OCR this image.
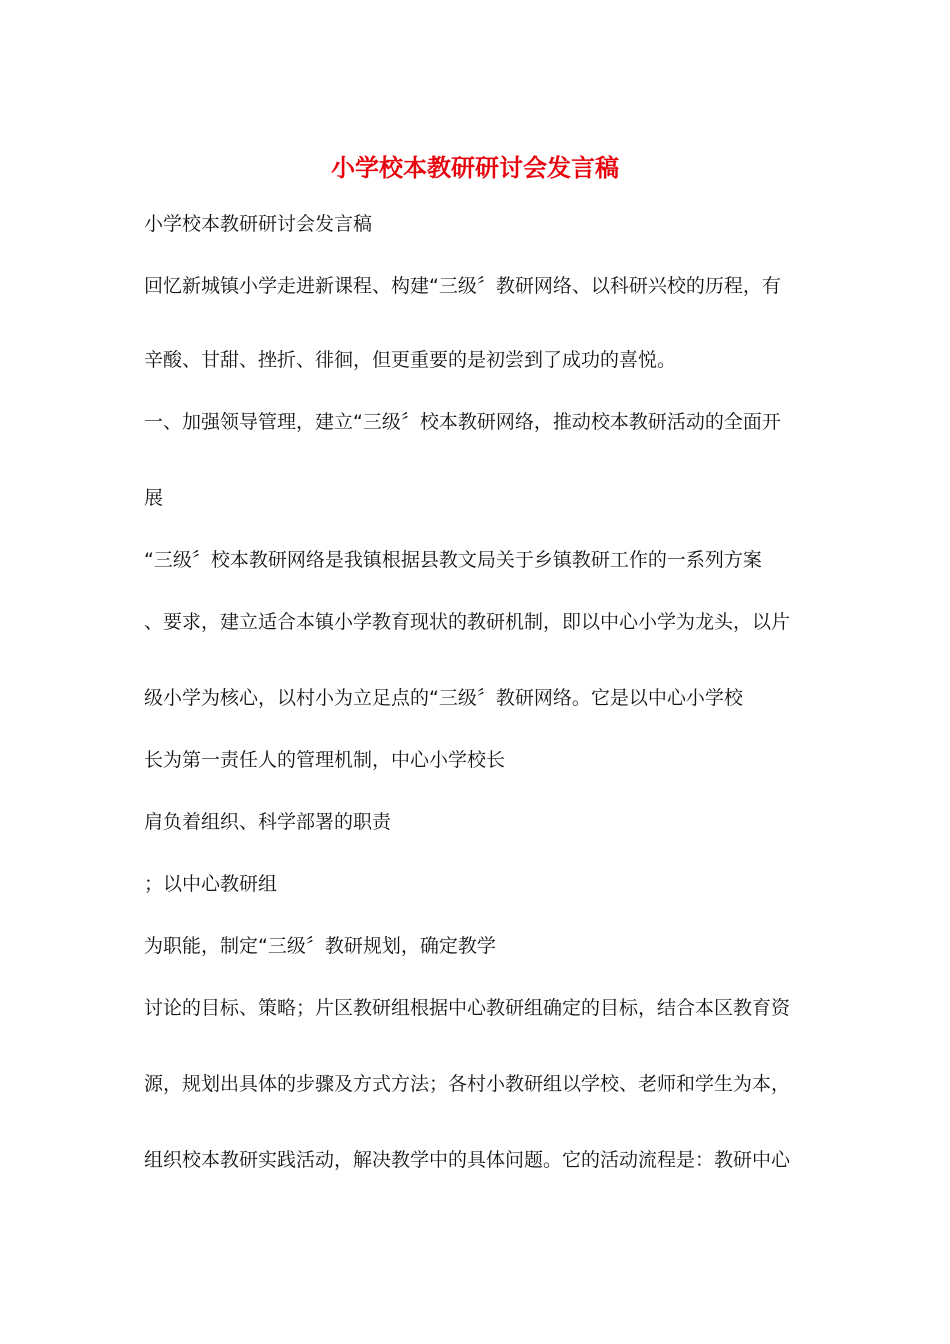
小学校本教研研讨会发言稿
小学校本教研研讨会发言稿
回忆新城镇小学走进新课程、构建“三级〞教研网络、以科研兴校的历程，有
辛酸、甘甜、挫折、徘徊，但更重要的是初尝到了成功的喜悦。
一、加强领导管理，建立“三级〞校本教研网络，推动校本教研活动的全面开
展
“三级〞校本教研网络是我镇根据县教文局关于乡镇教研工作的一系列方案
、要求，建立适合本镇小学教育现状的教研机制，即以中心小学为龙头，以片
级小学为核心，以村小为立足点的“三级〞教研网络。它是以中心小学校
长为第一责任人的管理机制，中心小学校长
肩负着组织、科学部署的职责
；以中心教研组
为职能，制定“三级〞教研规划，确定教学
讨论的目标、策略；片区教研组根据中心教研组确定的目标，结合本区教育资
源，规划出具体的步骤及方式方法；各村小教研组以学校、老师和学生为本，
组织校本教研实践活动，解决教学中的具体问题。它的活动流程是：教研中心
